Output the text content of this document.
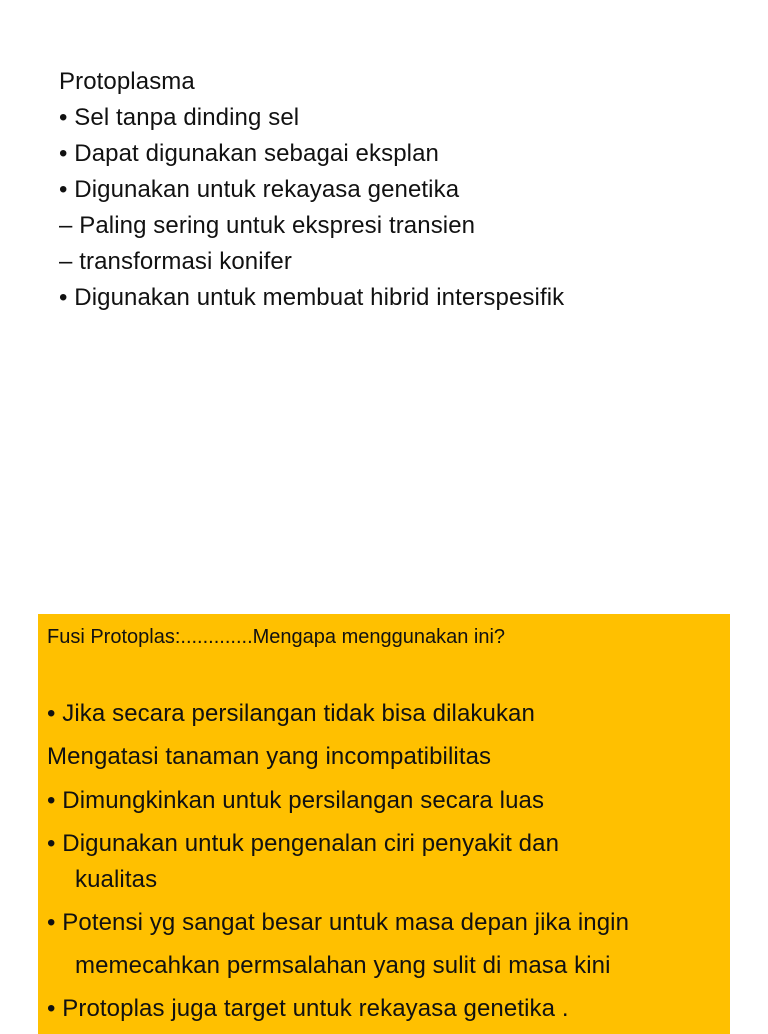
Protoplasma
• Sel tanpa dinding sel
• Dapat digunakan sebagai eksplan
• Digunakan untuk rekayasa genetika
– Paling sering untuk ekspresi transien
– transformasi konifer
• Digunakan untuk membuat hibrid interspesifik
Fusi Protoplas:.............Mengapa menggunakan ini?
• Jika secara persilangan tidak bisa dilakukan
Mengatasi tanaman yang incompatibilitas
• Dimungkinkan untuk persilangan secara luas
• Digunakan untuk pengenalan ciri penyakit dan
kualitas
• Potensi yg sangat besar untuk masa depan jika ingin
memecahkan permsalahan yang sulit di masa kini
• Protoplas juga target untuk rekayasa genetika .
